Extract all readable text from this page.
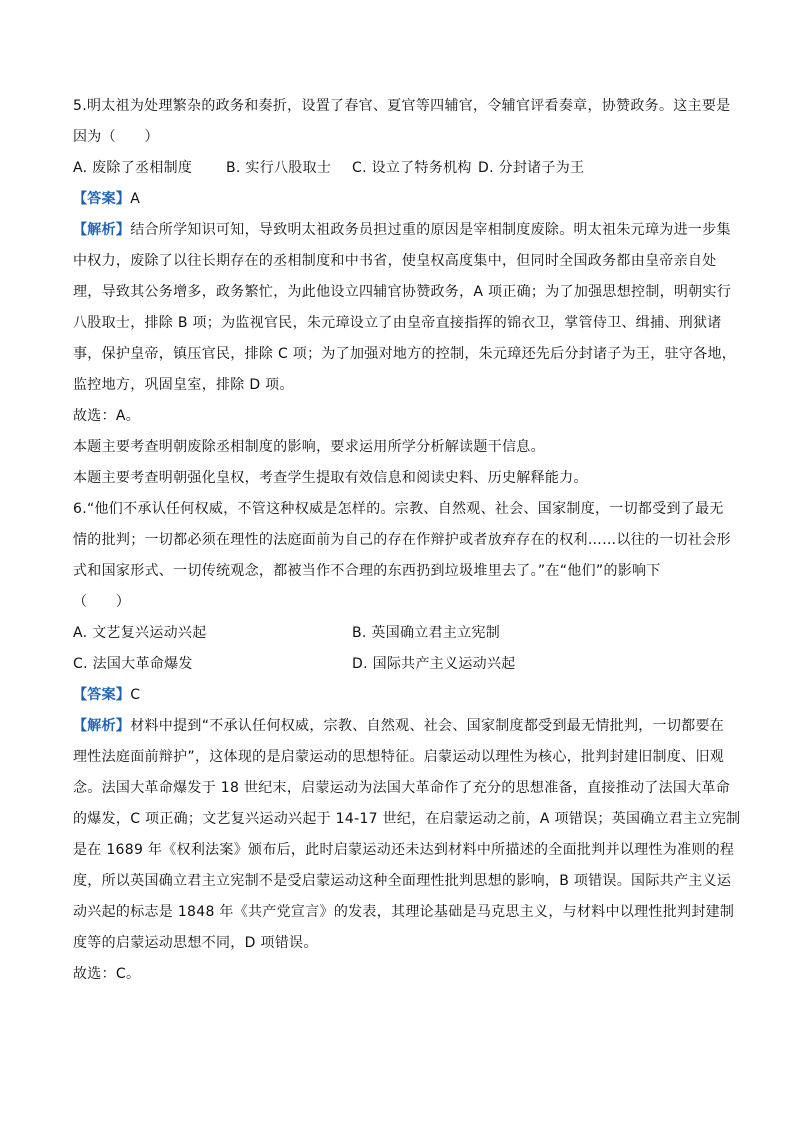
5.明太祖为处理繁杂的政务和奏折，设置了春官、夏官等四辅官，令辅官评看奏章，协赞政务。这主要是

因为（　　）

A. 废除了丞相制度	B. 实行八股取士	C. 设立了特务机构 D. 分封诸子为王

【答案】A

【解析】结合所学知识可知，导致明太祖政务员担过重的原因是宰相制度废除。明太祖朱元璋为进一步集

中权力，废除了以往长期存在的丞相制度和中书省，使皇权高度集中，但同时全国政务都由皇帝亲自处

理，导致其公务增多，政务繁忙，为此他设立四辅官协赞政务，A 项正确；为了加强思想控制，明朝实行

八股取士，排除 B 项；为监视官民，朱元璋设立了由皇帝直接指挥的锦衣卫，掌管侍卫、缉捕、刑狱诸

事，保护皇帝，镇压官民，排除 C 项；为了加强对地方的控制，朱元璋还先后分封诸子为王，驻守各地，

监控地方，巩固皇室，排除 D 项。

故选：A。

本题主要考查明朝废除丞相制度的影响，要求运用所学分析解读题干信息。

本题主要考查明朝强化皇权，考查学生提取有效信息和阅读史料、历史解释能力。

6.“他们不承认任何权威，不管这种权威是怎样的。宗教、自然观、社会、国家制度，一切都受到了最无

情的批判；一切都必须在理性的法庭面前为自己的存在作辩护或者放弃存在的权利……以往的一切社会形

式和国家形式、一切传统观念，都被当作不合理的东西扔到垃圾堆里去了。”在“他们”的影响下

（　　）

A. 文艺复兴运动兴起	B. 英国确立君主立宪制
C. 法国大革命爆发	D. 国际共产主义运动兴起

【答案】C

【解析】材料中提到“不承认任何权威，宗教、自然观、社会、国家制度都受到最无情批判，一切都要在

理性法庭面前辩护”，这体现的是启蒙运动的思想特征。启蒙运动以理性为核心，批判封建旧制度、旧观

念。法国大革命爆发于 18 世纪末，启蒙运动为法国大革命作了充分的思想准备，直接推动了法国大革命

的爆发，C 项正确；文艺复兴运动兴起于 14-17 世纪，在启蒙运动之前，A 项错误；英国确立君主立宪制

是在 1689 年《权利法案》颁布后，此时启蒙运动还未达到材料中所描述的全面批判并以理性为准则的程

度，所以英国确立君主立宪制不是受启蒙运动这种全面理性批判思想的影响，B 项错误。国际共产主义运

动兴起的标志是 1848 年《共产党宣言》的发表，其理论基础是马克思主义，与材料中以理性批判封建制

度等的启蒙运动思想不同，D 项错误。

故选：C。
